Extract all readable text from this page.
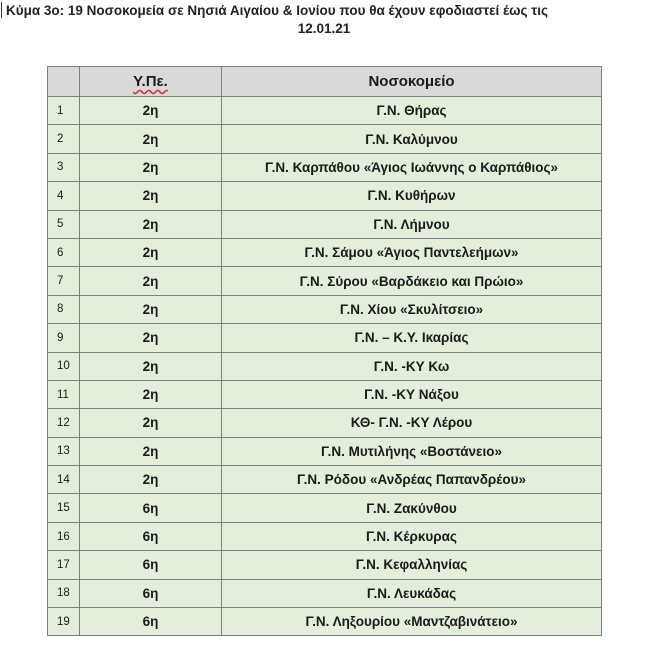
Κύμα 3ο: 19 Νοσοκομεία σε Νησιά Αιγαίου & Ιονίου που θα έχουν εφοδιαστεί έως τις
12.01.21
	Υ.Πε.	Νοσοκομείο
1	2η	Γ.Ν. Θήρας
2	2η	Γ.Ν. Καλύμνου
3	2η	Γ.Ν. Καρπάθου «Άγιος Ιωάννης ο Καρπάθιος»
4	2η	Γ.Ν. Κυθήρων
5	2η	Γ.Ν. Λήμνου
6	2η	Γ.Ν. Σάμου «Άγιος Παντελεήμων»
7	2η	Γ.Ν. Σύρου «Βαρδάκειο και Πρώιο»
8	2η	Γ.Ν. Χίου «Σκυλίτσειο»
9	2η	Γ.Ν. – Κ.Υ. Ικαρίας
10	2η	Γ.Ν. -ΚΥ Κω
11	2η	Γ.Ν. -ΚΥ Νάξου
12	2η	ΚΘ- Γ.Ν. -ΚΥ Λέρου
13	2η	Γ.Ν. Μυτιλήνης «Βοστάνειο»
14	2η	Γ.Ν. Ρόδου «Ανδρέας Παπανδρέου»
15	6η	Γ.Ν. Ζακύνθου
16	6η	Γ.Ν. Κέρκυρας
17	6η	Γ.Ν. Κεφαλληνίας
18	6η	Γ.Ν. Λευκάδας
19	6η	Γ.Ν. Ληξουρίου «Μαντζαβινάτειο»
